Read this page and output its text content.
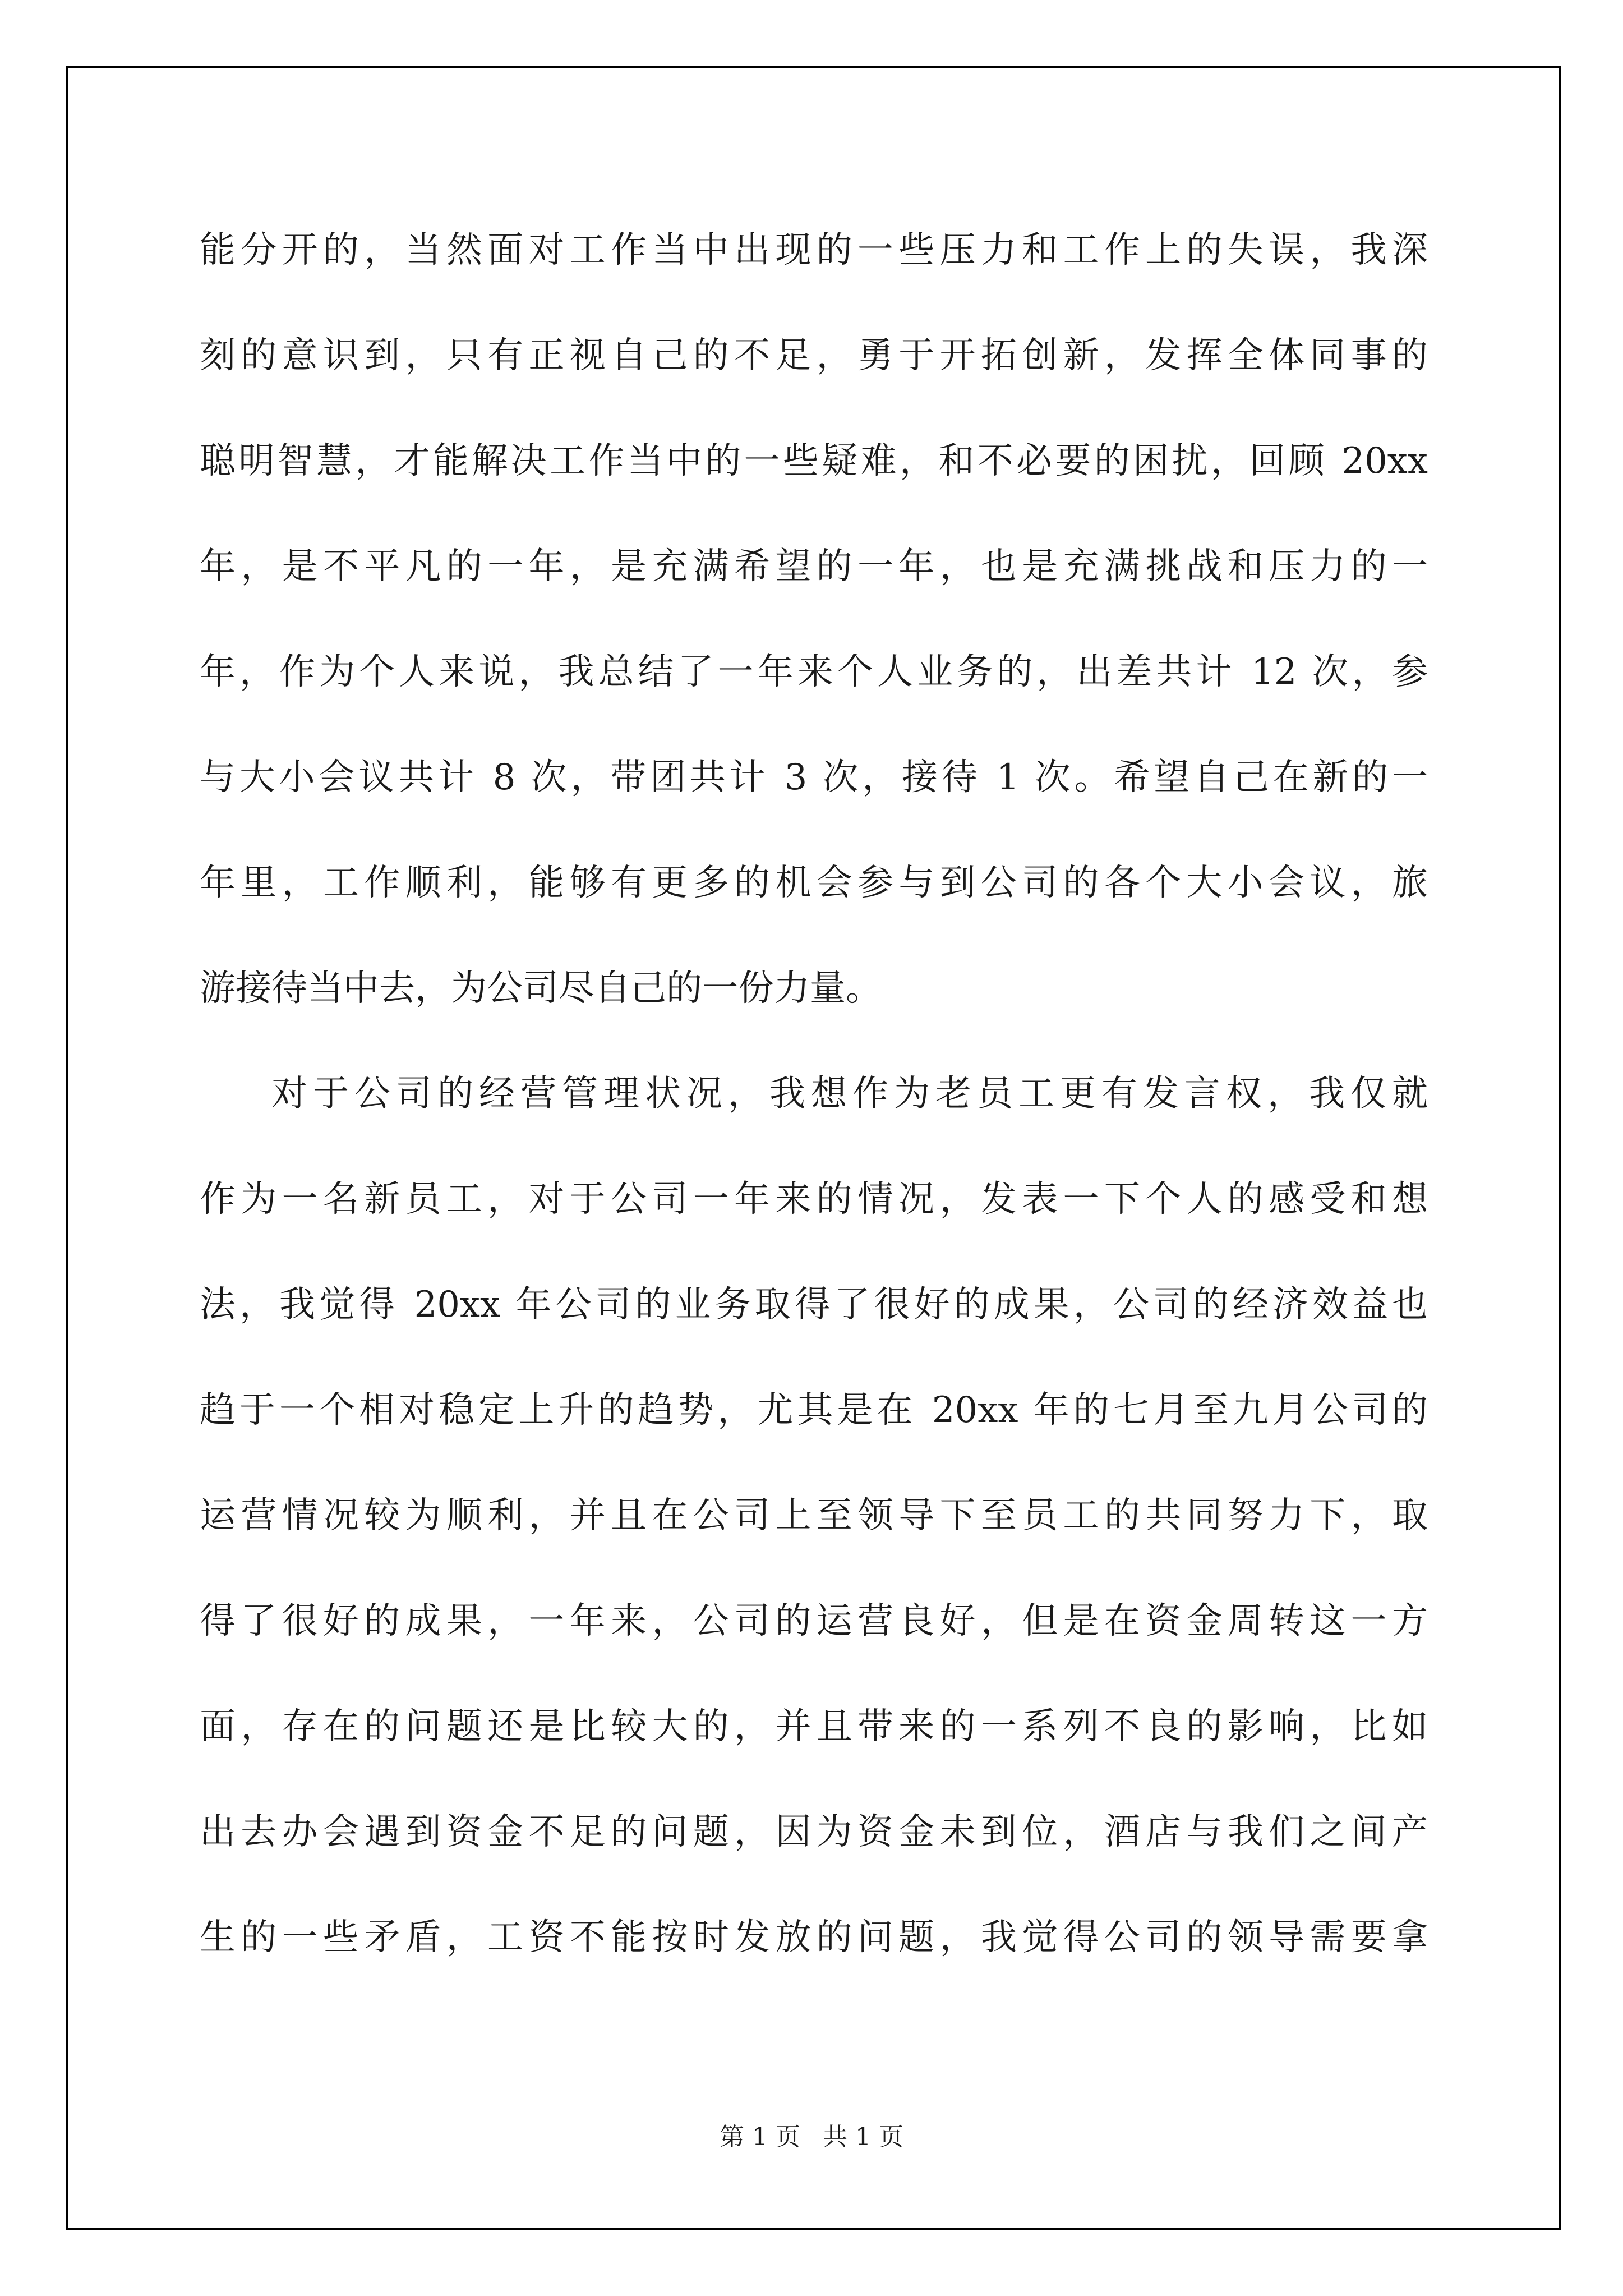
能分开的，当然面对工作当中出现的一些压力和工作上的失误，我深
刻的意识到，只有正视自己的不足，勇于开拓创新，发挥全体同事的
聪明智慧，才能解决工作当中的一些疑难，和不必要的困扰，回顾 20xx
年，是不平凡的一年，是充满希望的一年，也是充满挑战和压力的一
年，作为个人来说，我总结了一年来个人业务的，出差共计 12 次，参
与大小会议共计 8 次，带团共计 3 次，接待 1 次。希望自己在新的一
年里，工作顺利，能够有更多的机会参与到公司的各个大小会议，旅
游接待当中去，为公司尽自己的一份力量。
对于公司的经营管理状况，我想作为老员工更有发言权，我仅就
作为一名新员工，对于公司一年来的情况，发表一下个人的感受和想
法，我觉得 20xx 年公司的业务取得了很好的成果，公司的经济效益也
趋于一个相对稳定上升的趋势，尤其是在 20xx 年的七月至九月公司的
运营情况较为顺利，并且在公司上至领导下至员工的共同努力下，取
得了很好的成果，一年来，公司的运营良好，但是在资金周转这一方
面，存在的问题还是比较大的，并且带来的一系列不良的影响，比如
出去办会遇到资金不足的问题，因为资金未到位，酒店与我们之间产
生的一些矛盾，工资不能按时发放的问题，我觉得公司的领导需要拿
第 1 页 共 1 页
